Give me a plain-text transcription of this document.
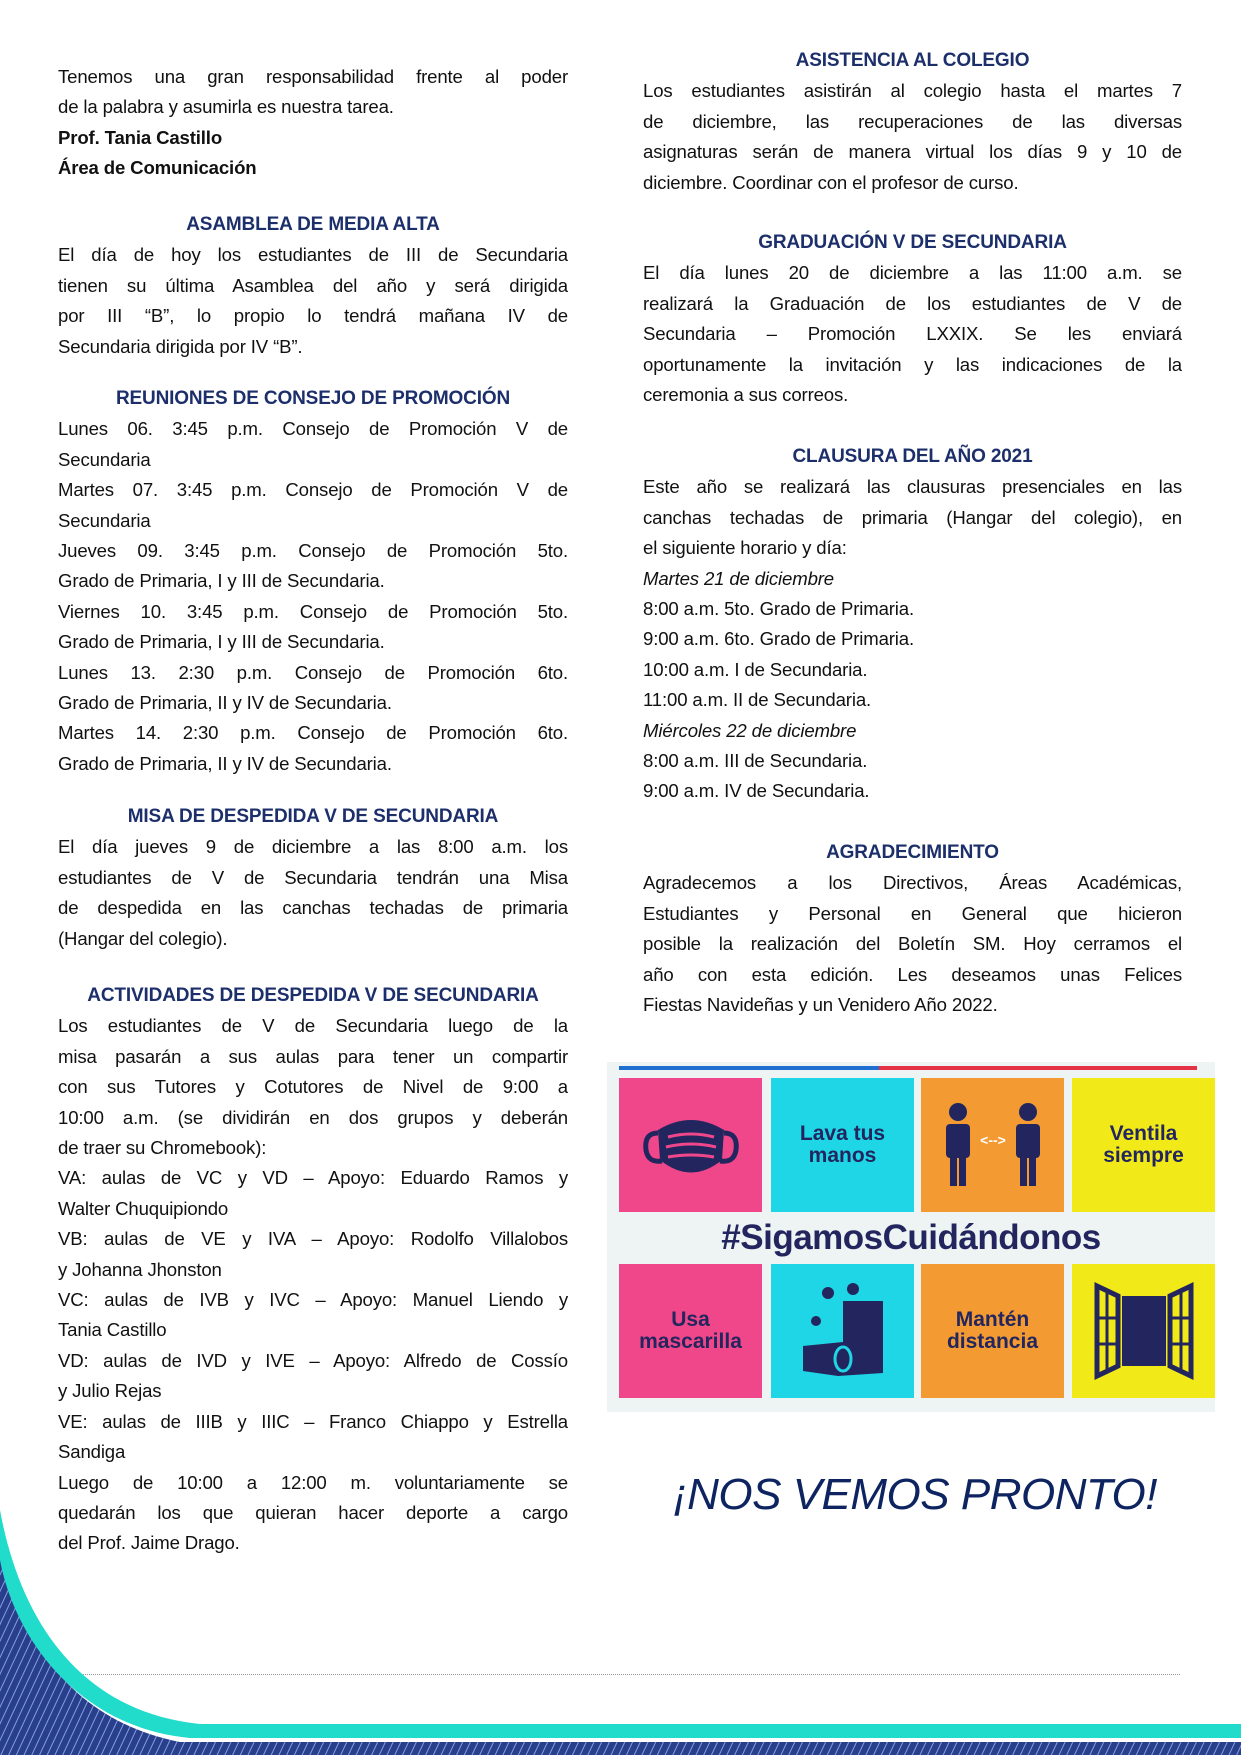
Tenemos una gran responsabilidad frente al poder
de la palabra y asumirla es nuestra tarea.
Prof. Tania Castillo
Área de Comunicación
ASAMBLEA DE MEDIA ALTA
El día de hoy los estudiantes de III de Secundaria
tienen su última Asamblea del año y será dirigida
por III “B”, lo propio lo tendrá mañana IV de
Secundaria dirigida por IV “B”.
REUNIONES DE CONSEJO DE PROMOCIÓN
Lunes 06. 3:45 p.m. Consejo de Promoción V de
Secundaria
Martes 07. 3:45 p.m. Consejo de Promoción V de
Secundaria
Jueves 09. 3:45 p.m. Consejo de Promoción 5to.
Grado de Primaria, I y III de Secundaria.
Viernes 10. 3:45 p.m. Consejo de Promoción 5to.
Grado de Primaria, I y III de Secundaria.
Lunes 13. 2:30 p.m. Consejo de Promoción 6to.
Grado de Primaria, II y IV de Secundaria.
Martes 14. 2:30 p.m. Consejo de Promoción 6to.
Grado de Primaria, II y IV de Secundaria.
MISA DE DESPEDIDA V DE SECUNDARIA
El día jueves 9 de diciembre a las 8:00 a.m. los
estudiantes de V de Secundaria tendrán una Misa
de despedida en las canchas techadas de primaria
(Hangar del colegio).
ACTIVIDADES DE DESPEDIDA V DE SECUNDARIA
Los estudiantes de V de Secundaria luego de la
misa pasarán a sus aulas para tener un compartir
con sus Tutores y Cotutores de Nivel de 9:00 a
10:00 a.m. (se dividirán en dos grupos y deberán
de traer su Chromebook):
VA: aulas de VC y VD – Apoyo: Eduardo Ramos y
Walter Chuquipiondo
VB: aulas de VE y IVA – Apoyo: Rodolfo Villalobos
y Johanna Jhonston
VC: aulas de IVB y IVC – Apoyo: Manuel Liendo y
Tania Castillo
VD: aulas de IVD y IVE – Apoyo: Alfredo de Cossío
y Julio Rejas
VE: aulas de IIIB y IIIC – Franco Chiappo y Estrella
Sandiga
Luego de 10:00 a 12:00 m. voluntariamente se
quedarán los que quieran hacer deporte a cargo
del Prof. Jaime Drago.
ASISTENCIA AL COLEGIO
Los estudiantes asistirán al colegio hasta el martes 7
de diciembre, las recuperaciones de las diversas
asignaturas serán de manera virtual los días 9 y 10 de
diciembre. Coordinar con el profesor de curso.
GRADUACIÓN V DE SECUNDARIA
El día lunes 20 de diciembre a las 11:00 a.m. se
realizará la Graduación de los estudiantes de V de
Secundaria – Promoción LXXIX. Se les enviará
oportunamente la invitación y las indicaciones de la
ceremonia a sus correos.
CLAUSURA DEL AÑO 2021
Este año se realizará las clausuras presenciales en las
canchas techadas de primaria (Hangar del colegio), en
el siguiente horario y día:
Martes 21 de diciembre
8:00 a.m. 5to. Grado de Primaria.
9:00 a.m. 6to. Grado de Primaria.
10:00 a.m. I de Secundaria.
11:00 a.m. II de Secundaria.
Miércoles 22 de diciembre
8:00 a.m. III de Secundaria.
9:00 a.m. IV de Secundaria.
AGRADECIMIENTO
Agradecemos a los Directivos, Áreas Académicas,
Estudiantes y Personal en General que hicieron
posible la realización del Boletín SM. Hoy cerramos el
año con esta edición. Les deseamos unas Felices
Fiestas Navideñas y un Venidero Año 2022.
Lava tus manos
<-->	Ventila siempre
Usa mascarilla
Mantén distancia
#SigamosCuidándonos
¡NOS VEMOS PRONTO!
